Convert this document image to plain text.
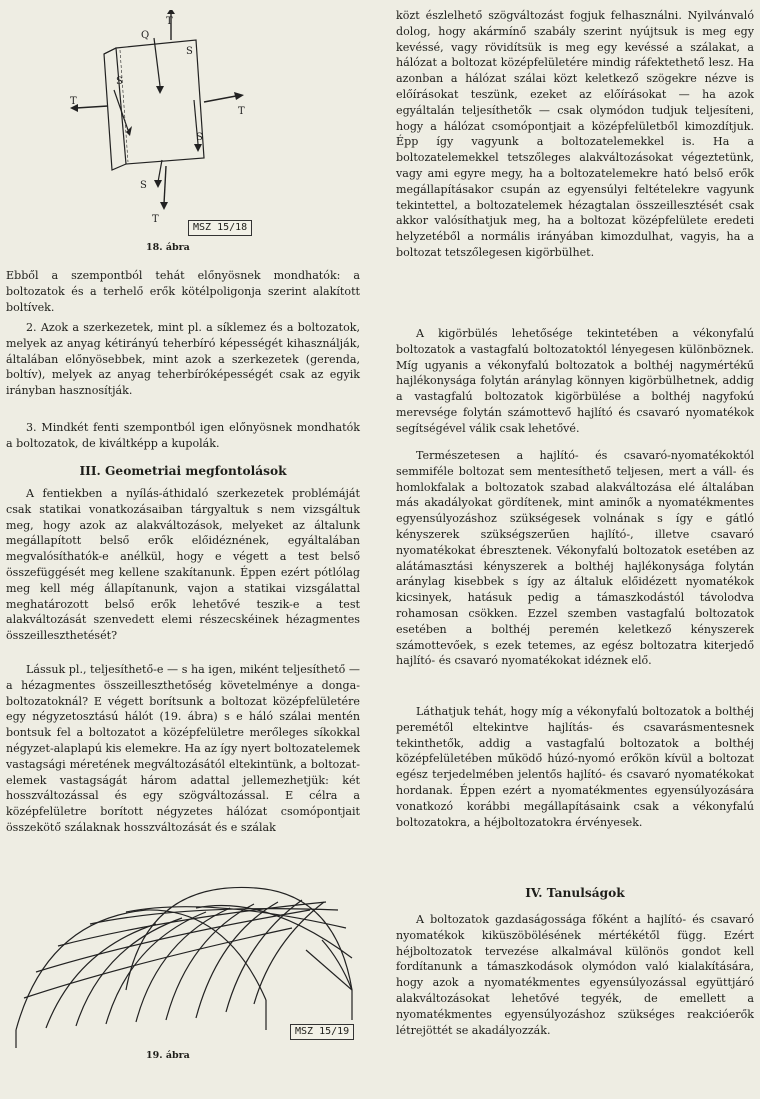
T
Q
S
S
T
T
S
S
T
MSZ 15/18
18. ábra

Ebből a szempontból tehát előnyösnek mondhatók: a boltozatok és a terhelő erők kötélpoligonja szerint alakított boltívek.

2. Azok a szerkezetek, mint pl. a síklemez és a boltozatok, melyek az anyag kétirányú teherbíró képességét kihasználják, általában előnyösebbek, mint azok a szerkezetek (gerenda, boltív), melyek az anyag teherbíróképességét csak az egyik irányban hasznosítják.

3. Mindkét fenti szempontból igen előnyösnek mondhatók a boltozatok, de kiváltképp a kupolák.

III. Geometriai megfontolások

A fentiekben a nyílás-áthidaló szerkezetek problémáját csak statikai vonatkozásaiban tárgyaltuk s nem vizsgáltuk meg, hogy azok az alakváltozások, melyeket az általunk megállapított belső erők előidéznének, egyáltalában megvalósíthatók-e anélkül, hogy e végett a test belső összefüggését meg kellene szakítanunk. Éppen ezért pótlólag meg kell még állapítanunk, vajon a statikai vizsgálattal meghatározott belső erők lehetővé teszik-e a test alakváltozását szenvedett elemi részecskéinek hézagmentes összeilleszthetését?

Lássuk pl., teljesíthető-e — s ha igen, miként teljesíthető — a hézagmentes összeilleszthetőség követelménye a donga-boltozatoknál? E végett borítsunk a boltozat középfelületére egy négyzetosztású hálót (19. ábra) s e háló szálai mentén bontsuk fel a boltozatot a középfelületre merőleges síkokkal négyzet-alaplapú kis elemekre. Ha az így nyert boltozatelemek vastagsági méretének megváltozásától eltekintünk, a boltozat-elemek vastagságát három adattal jellemezhetjük: két hosszváltozással és egy szögváltozással. E célra a középfelületre borított négyzetes hálózat csomópontjait összekötő szálaknak hosszváltozását és e szálak

MSZ 15/19
19. ábra

közt észlelhető szögváltozást fogjuk felhasználni. Nyilvánvaló dolog, hogy akármínő szabály szerint nyújtsuk is meg egy kevéssé, vagy rövidítsük is meg egy kevéssé a szálakat, a hálózat a boltozat középfelületére mindig ráfektethető lesz. Ha azonban a hálózat szálai közt keletkező szögekre nézve is előírásokat teszünk, ezeket az előírásokat — ha azok egyáltalán teljesíthetők — csak olymódon tudjuk teljesíteni, hogy a hálózat csomópontjait a középfelületből kimozdítjuk. Épp így vagyunk a boltozatelemekkel is. Ha a boltozatelemekkel tetszőleges alakváltozásokat végeztetünk, vagy ami egyre megy, ha a boltozatelemekre ható belső erők megállapításakor csupán az egyensúlyi feltételekre vagyunk tekintettel, a boltozatelemek hézagtalan összeillesztését csak akkor valósíthatjuk meg, ha a boltozat középfelülete eredeti helyzetéből a normális irányában kimozdulhat, vagyis, ha a boltozat tetszőlegesen kigörbülhet.

A kigörbülés lehetősége tekintetében a vékonyfalú boltozatok a vastagfalú boltozatoktól lényegesen különböznek. Míg ugyanis a vékonyfalú boltozatok a bolthéj nagymértékű hajlékonysága folytán aránylag könnyen kigörbülhetnek, addig a vastagfalú boltozatok kigörbülése a bolthéj nagyfokú merevsége folytán számottevő hajlító és csavaró nyomatékok segítségével válik csak lehetővé.

Természetesen a hajlító- és csavaró-nyomatékoktól semmiféle boltozat sem mentesíthető teljesen, mert a váll- és homlokfalak a boltozatok szabad alakváltozása elé általában más akadályokat gördítenek, mint aminők a nyomatékmentes egyensúlyozáshoz szükségesek volnának s így e gátló kényszerek szükségszerűen hajlító-, illetve csavaró nyomatékokat ébresztenek. Vékonyfalú boltozatok esetében az alátámasztási kényszerek a bolthéj hajlékonysága folytán aránylag kisebbek s így az általuk előidézett nyomatékok kicsinyek, hatásuk pedig a támaszkodástól távolodva rohamosan csökken. Ezzel szemben vastagfalú boltozatok esetében a bolthéj peremén keletkező kényszerek számottevőek, s ezek tetemes, az egész boltozatra kiterjedő hajlító- és csavaró nyomatékokat idéznek elő.

Láthatjuk tehát, hogy míg a vékonyfalú boltozatok a bolthéj peremétől eltekintve hajlítás- és csavarásmentesnek tekinthetők, addig a vastagfalú boltozatok a bolthéj középfelületében működő húzó-nyomó erőkön kívül a boltozat egész terjedelmében jelentős hajlító- és csavaró nyomatékokat hordanak. Éppen ezért a nyomatékmentes egyensúlyozására vonatkozó korábbi megállapításaink csak a vékonyfalú boltozatokra, a héjboltozatokra érvényesek.

IV. Tanulságok

A boltozatok gazdaságossága főként a hajlító- és csavaró nyomatékok kiküszöbölésének mértékétől függ. Ezért héjboltozatok tervezése alkalmával különös gondot kell fordítanunk a támaszkodások olymódon való kialakítására, hogy azok a nyomatékmentes egyensúlyozással együttjáró alakváltozásokat lehetővé tegyék, de emellett a nyomatékmentes egyensúlyozáshoz szükséges reakcióerők létrejöttét se akadályozzák.
